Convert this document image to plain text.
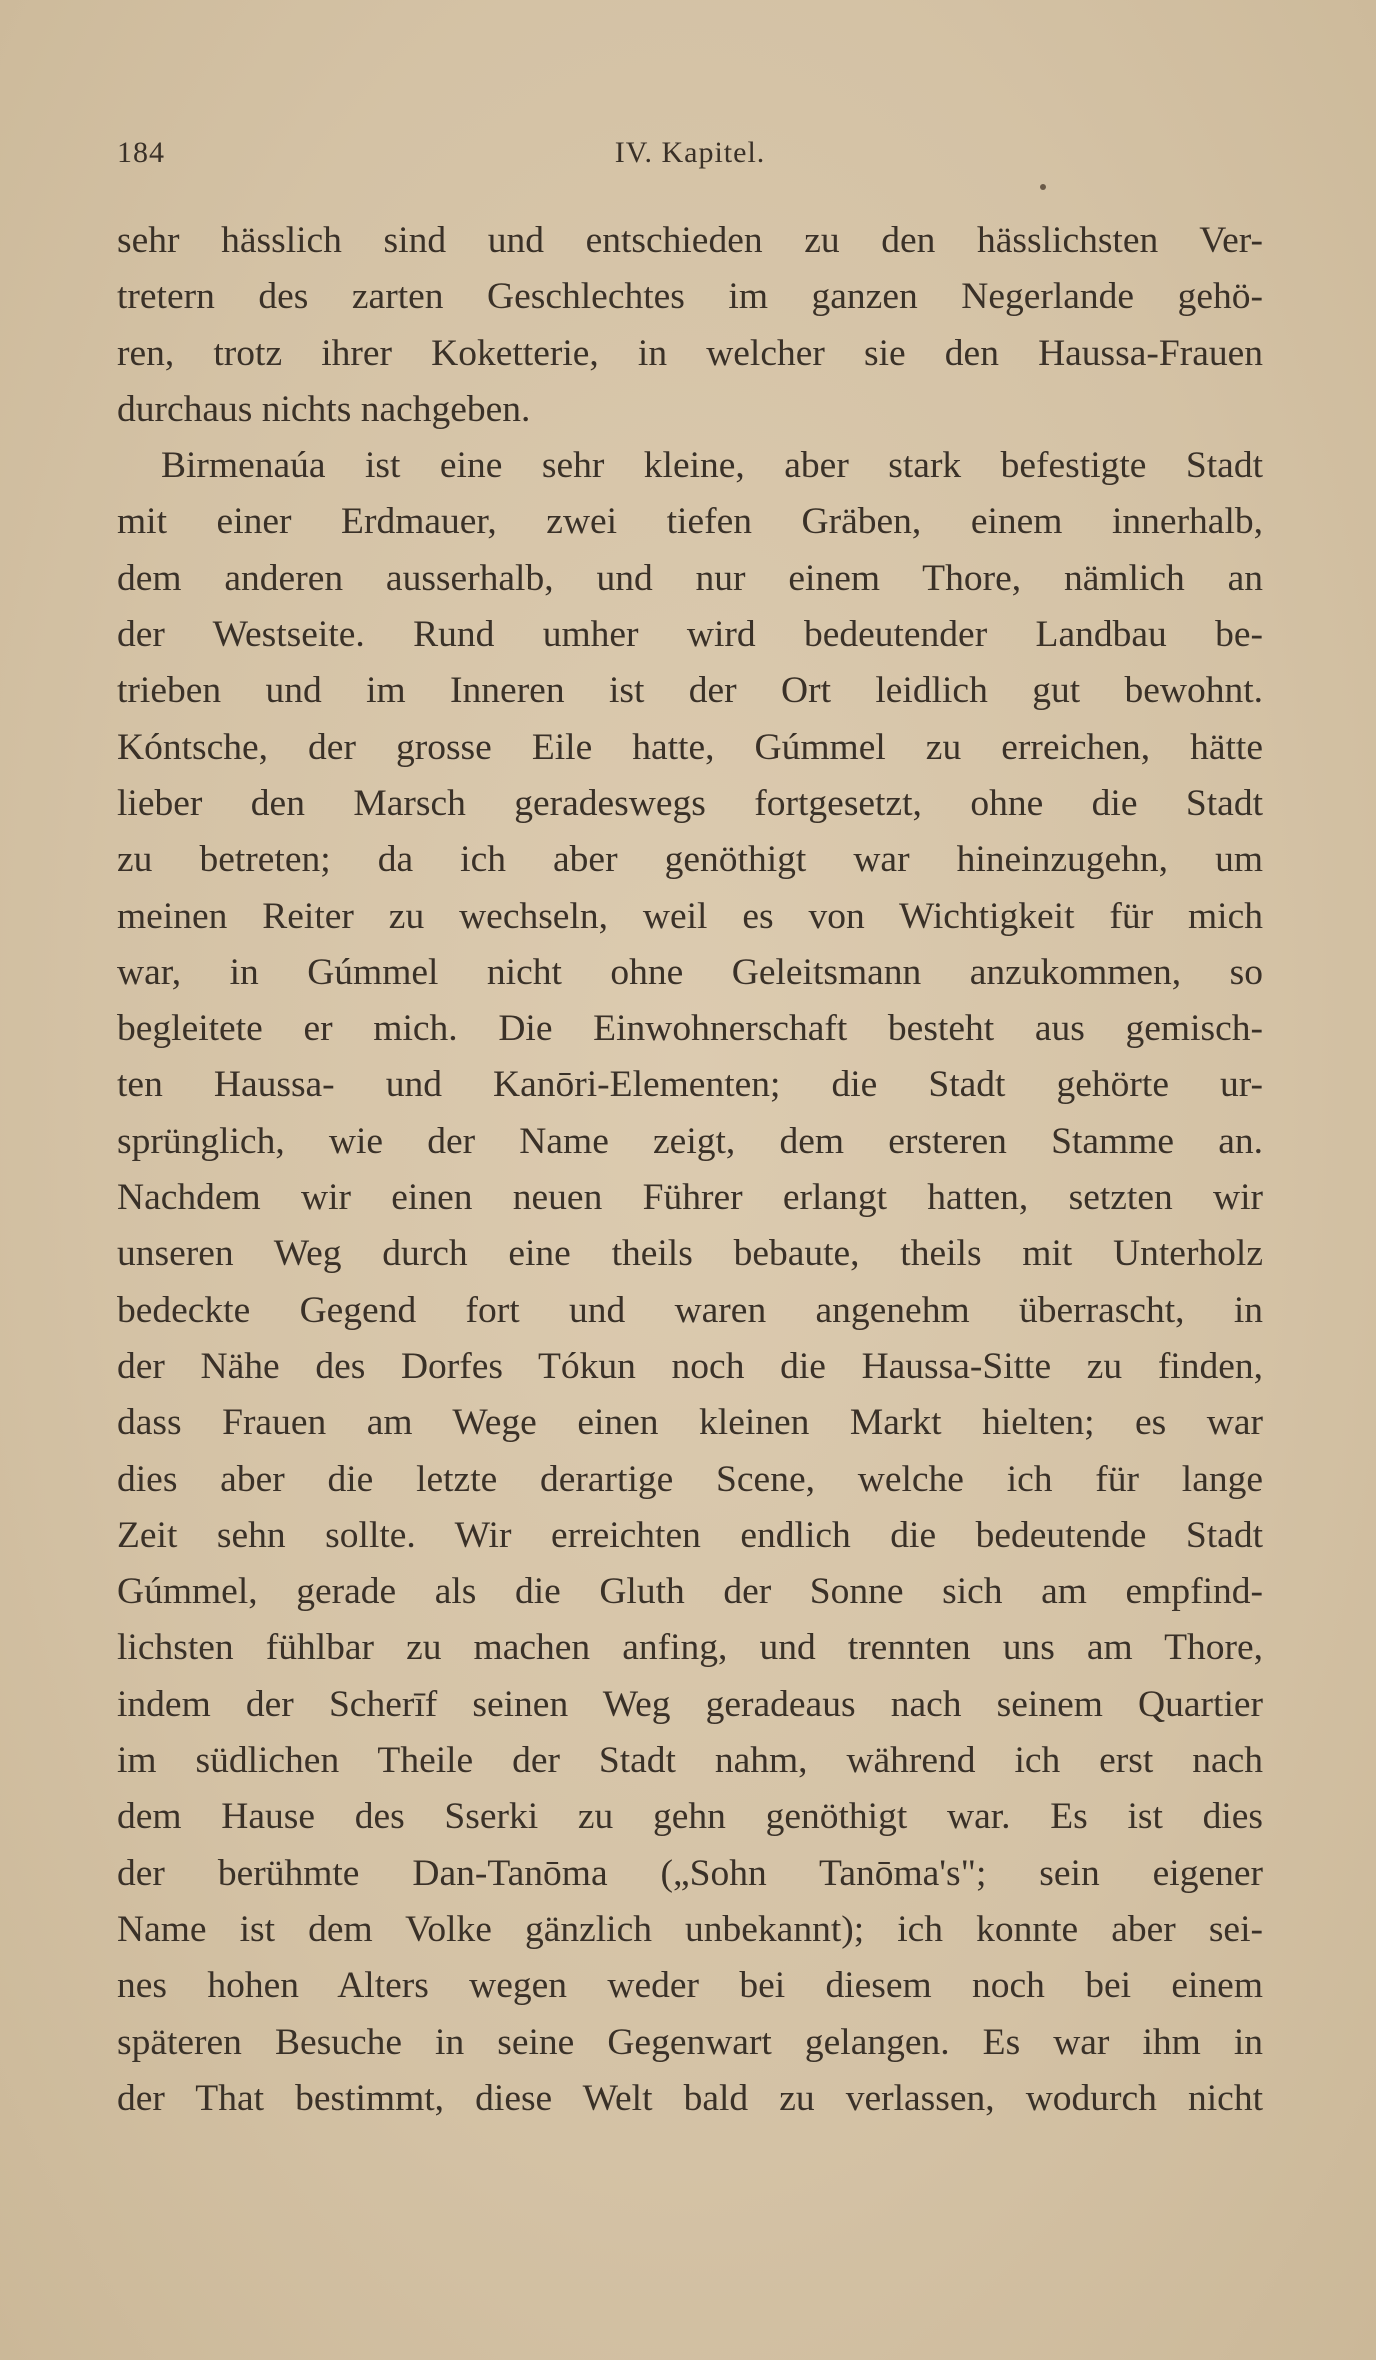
184	IV. Kapitel.
sehr hässlich sind und entschieden zu den hässlichsten Ver-
tretern des zarten Geschlechtes im ganzen Negerlande gehö-
ren, trotz ihrer Koketterie, in welcher sie den Haussa-Frauen
durchaus nichts nachgeben.
Birmenaúa ist eine sehr kleine, aber stark befestigte Stadt
mit einer Erdmauer, zwei tiefen Gräben, einem innerhalb,
dem anderen ausserhalb, und nur einem Thore, nämlich an
der Westseite. Rund umher wird bedeutender Landbau be-
trieben und im Inneren ist der Ort leidlich gut bewohnt.
Kóntsche, der grosse Eile hatte, Gúmmel zu erreichen, hätte
lieber den Marsch geradeswegs fortgesetzt, ohne die Stadt
zu betreten; da ich aber genöthigt war hineinzugehn, um
meinen Reiter zu wechseln, weil es von Wichtigkeit für mich
war, in Gúmmel nicht ohne Geleitsmann anzukommen, so
begleitete er mich. Die Einwohnerschaft besteht aus gemisch-
ten Haussa- und Kanōri-Elementen; die Stadt gehörte ur-
sprünglich, wie der Name zeigt, dem ersteren Stamme an.
Nachdem wir einen neuen Führer erlangt hatten, setzten wir
unseren Weg durch eine theils bebaute, theils mit Unterholz
bedeckte Gegend fort und waren angenehm überrascht, in
der Nähe des Dorfes Tókun noch die Haussa-Sitte zu finden,
dass Frauen am Wege einen kleinen Markt hielten; es war
dies aber die letzte derartige Scene, welche ich für lange
Zeit sehn sollte. Wir erreichten endlich die bedeutende Stadt
Gúmmel, gerade als die Gluth der Sonne sich am empfind-
lichsten fühlbar zu machen anfing, und trennten uns am Thore,
indem der Scherīf seinen Weg geradeaus nach seinem Quartier
im südlichen Theile der Stadt nahm, während ich erst nach
dem Hause des Sserki zu gehn genöthigt war. Es ist dies
der berühmte Dan-Tanōma („Sohn Tanōma's"; sein eigener
Name ist dem Volke gänzlich unbekannt); ich konnte aber sei-
nes hohen Alters wegen weder bei diesem noch bei einem
späteren Besuche in seine Gegenwart gelangen. Es war ihm in
der That bestimmt, diese Welt bald zu verlassen, wodurch nicht
